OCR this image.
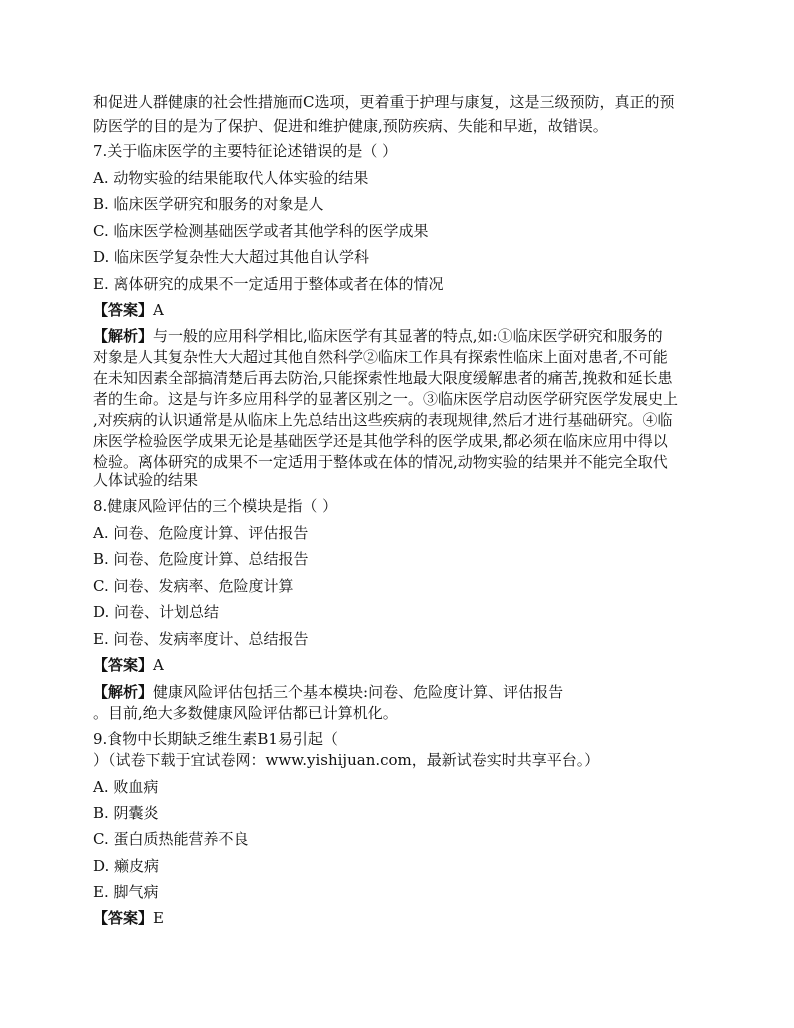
和促进人群健康的社会性措施而C选项，更着重于护理与康复，这是三级预防，真正的预
防医学的目的是为了保护、促进和维护健康,预防疾病、失能和早逝，故错误。
7.关于临床医学的主要特征论述错误的是（ ）
A. 动物实验的结果能取代人体实验的结果
B. 临床医学研究和服务的对象是人
C. 临床医学检测基础医学或者其他学科的医学成果
D. 临床医学复杂性大大超过其他自认学科
E. 离体研究的成果不一定适用于整体或者在体的情况
【答案】A
【解析】与一般的应用科学相比,临床医学有其显著的特点,如:①临床医学研究和服务的
对象是人其复杂性大大超过其他自然科学②临床工作具有探索性临床上面对患者,不可能
在未知因素全部搞清楚后再去防治,只能探索性地最大限度缓解患者的痛苦,挽救和延长患
者的生命。这是与许多应用科学的显著区别之一。③临床医学启动医学研究医学发展史上
,对疾病的认识通常是从临床上先总结出这些疾病的表现规律,然后才进行基础研究。④临
床医学检验医学成果无论是基础医学还是其他学科的医学成果,都必须在临床应用中得以
检验。离体研究的成果不一定适用于整体或在体的情况,动物实验的结果并不能完全取代
人体试验的结果
8.健康风险评估的三个模块是指（ ）
A. 问卷、危险度计算、评估报告
B. 问卷、危险度计算、总结报告
C. 问卷、发病率、危险度计算
D. 问卷、计划总结
E. 问卷、发病率度计、总结报告
【答案】A
【解析】健康风险评估包括三个基本模块:问卷、危险度计算、评估报告
。目前,绝大多数健康风险评估都已计算机化。
9.食物中长期缺乏维生素B1易引起（
）（试卷下载于宜试卷网：www.yishijuan.com，最新试卷实时共享平台。）
A. 败血病
B. 阴囊炎
C. 蛋白质热能营养不良
D. 癞皮病
E. 脚气病
【答案】E
